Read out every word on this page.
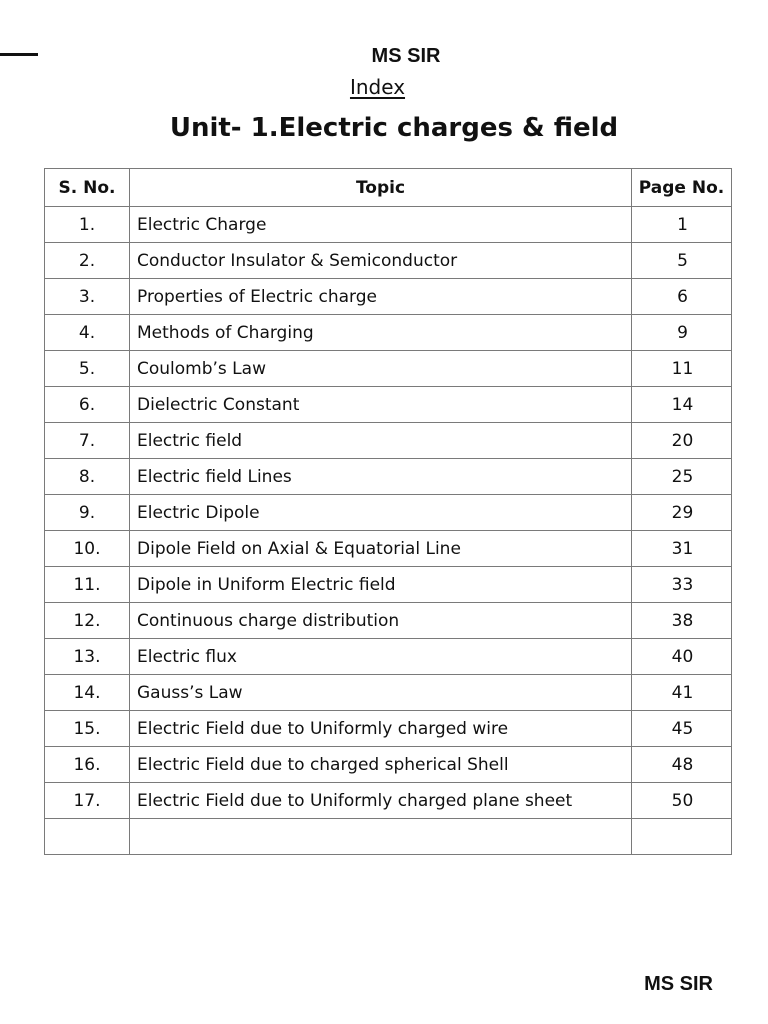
MS SIR
Index
Unit- 1.Electric charges & field
S. No.	Topic	Page No.
1.	Electric Charge	1
2.	Conductor Insulator & Semiconductor	5
3.	Properties of Electric charge	6
4.	Methods of Charging	9
5.	Coulomb’s Law	11
6.	Dielectric Constant	14
7.	Electric field	20
8.	Electric field Lines	25
9.	Electric Dipole	29
10.	Dipole Field on Axial & Equatorial Line	31
11.	Dipole in Uniform Electric field	33
12.	Continuous charge distribution	38
13.	Electric flux	40
14.	Gauss’s Law	41
15.	Electric Field due to Uniformly charged wire	45
16.	Electric Field due to charged spherical Shell	48
17.	Electric Field due to Uniformly charged plane sheet	50

MS SIR
